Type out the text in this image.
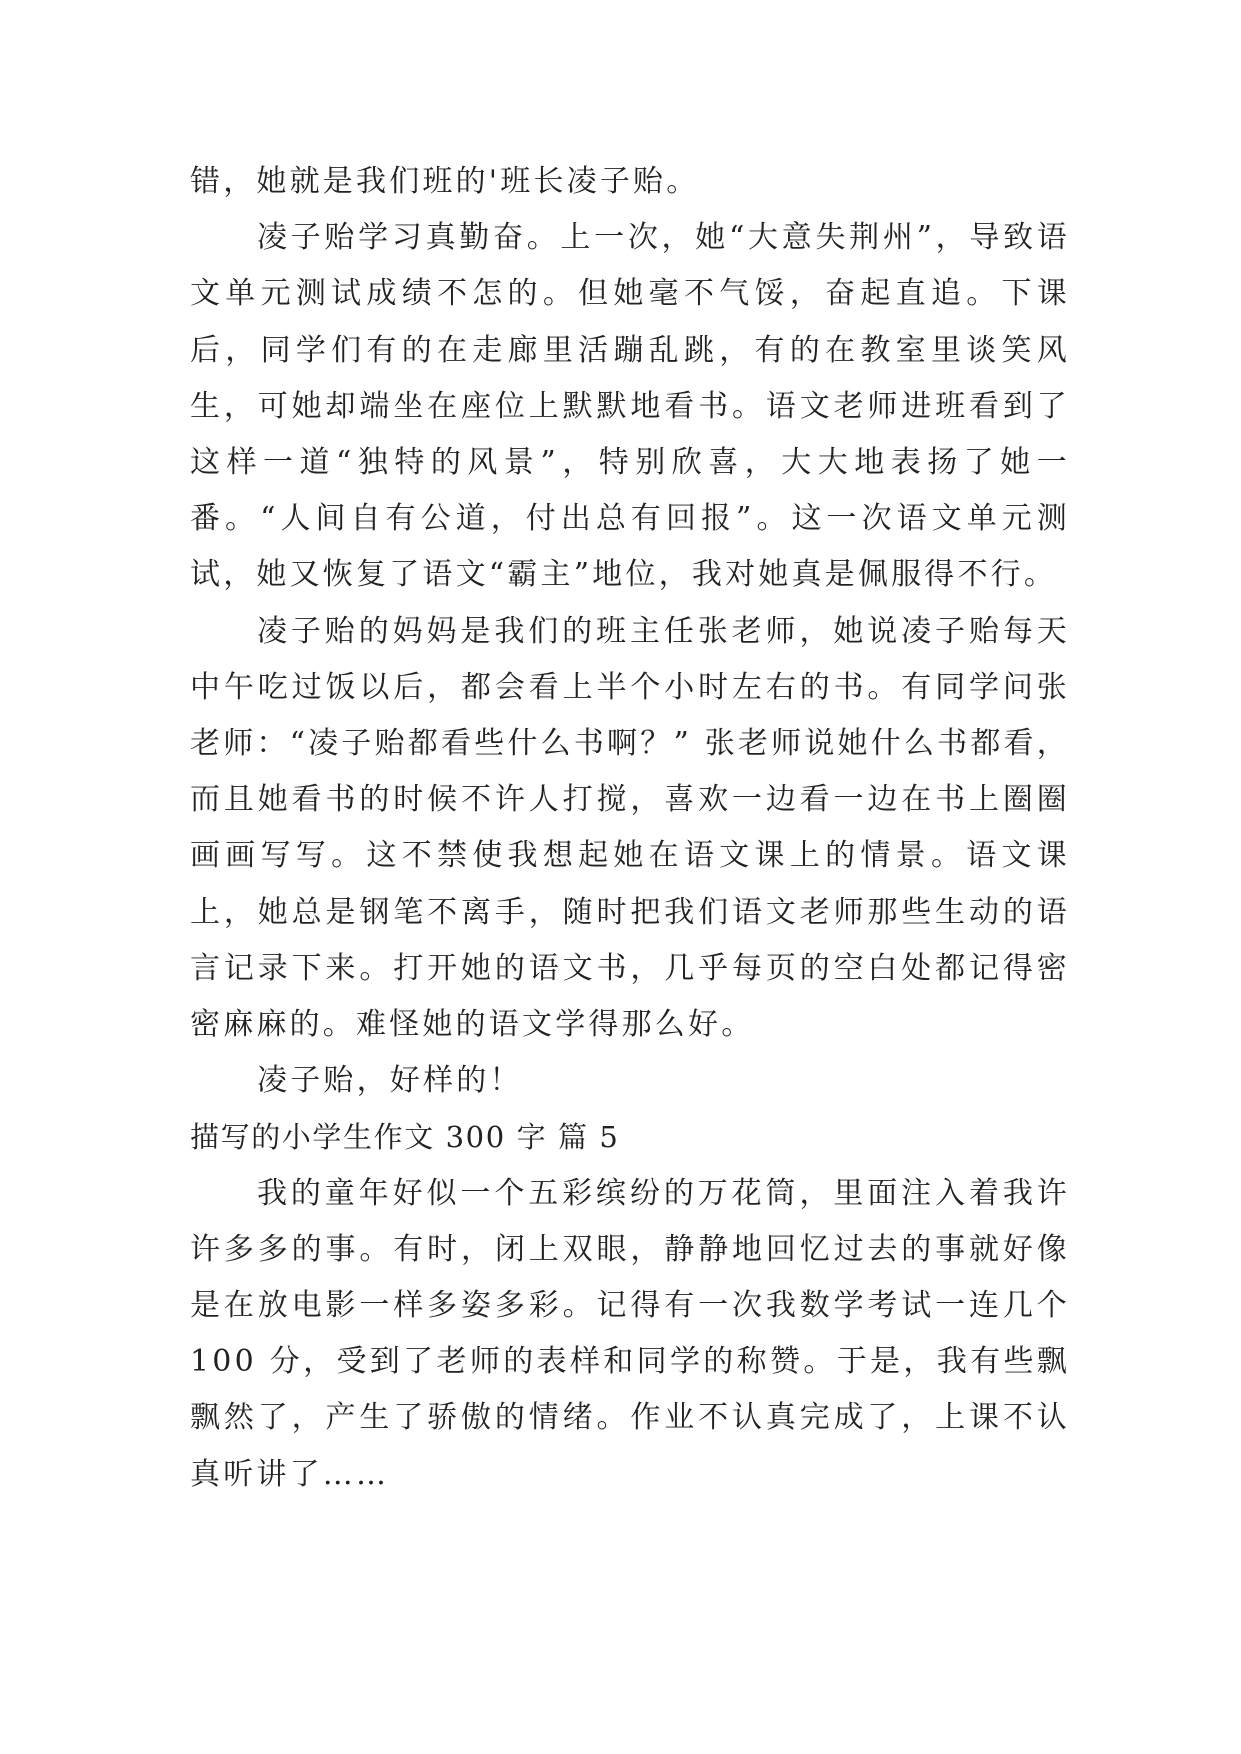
错，她就是我们班的'班长凌子贻。

凌子贻学习真勤奋。上一次，她“大意失荆州”，导致语文单元测试成绩不怎的。但她毫不气馁，奋起直追。下课后，同学们有的在走廊里活蹦乱跳，有的在教室里谈笑风生，可她却端坐在座位上默默地看书。语文老师进班看到了这样一道“独特的风景”，特别欣喜，大大地表扬了她一番。“人间自有公道，付出总有回报”。这一次语文单元测试，她又恢复了语文“霸主”地位，我对她真是佩服得不行。

凌子贻的妈妈是我们的班主任张老师，她说凌子贻每天中午吃过饭以后，都会看上半个小时左右的书。有同学问张老师：“凌子贻都看些什么书啊？” 张老师说她什么书都看，而且她看书的时候不许人打搅，喜欢一边看一边在书上圈圈画画写写。这不禁使我想起她在语文课上的情景。语文课上，她总是钢笔不离手，随时把我们语文老师那些生动的语言记录下来。打开她的语文书，几乎每页的空白处都记得密密麻麻的。难怪她的语文学得那么好。

凌子贻，好样的！

描写的小学生作文 300 字 篇 5

我的童年好似一个五彩缤纷的万花筒，里面注入着我许许多多的事。有时，闭上双眼，静静地回忆过去的事就好像是在放电影一样多姿多彩。记得有一次我数学考试一连几个 100 分，受到了老师的表样和同学的称赞。于是，我有些飘飘然了，产生了骄傲的情绪。作业不认真完成了，上课不认真听讲了……
